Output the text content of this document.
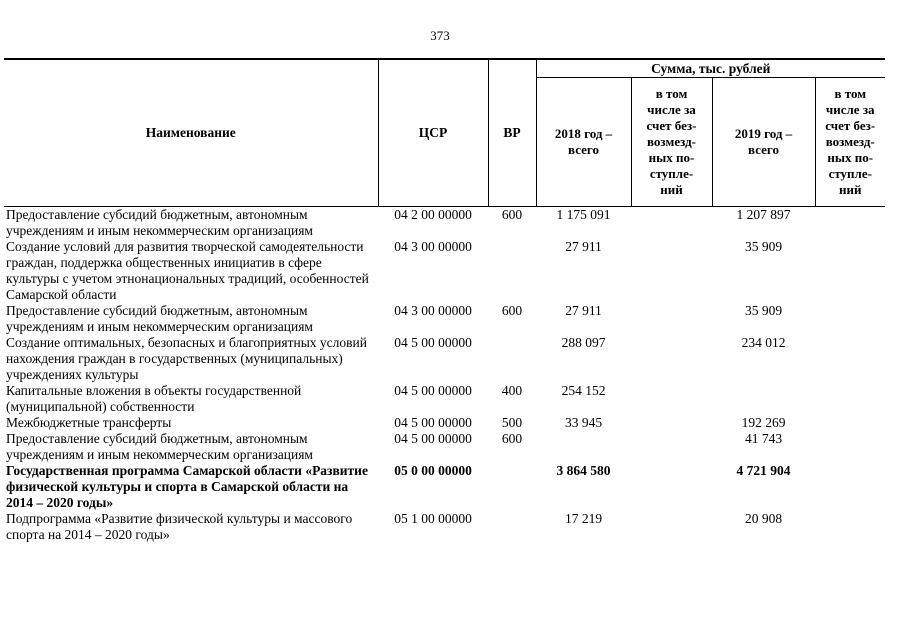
373
Наименование	ЦСР	ВР	Сумма, тыс. рублей			

			2018 год – всего	в том числе за счет без-возмезд-ных по-ступле-ний	2019 год – всего	в том числе за счет без-возмезд-ных по-ступле-ний

Предоставление субсидий бюджетным, автономным учреждениям и иным некоммерческим организациям	04 2 00 00000	600	1 175 091		1 207 897	
Создание условий для развития творческой самодеятельности граждан, поддержка общественных инициатив в сфере культуры с учетом этнонациональных традиций, особенностей Самарской области	04 3 00 00000		27 911		35 909	
Предоставление субсидий бюджетным, автономным учреждениям и иным некоммерческим организациям	04 3 00 00000	600	27 911		35 909	
Создание оптимальных, безопасных и благоприятных условий нахождения граждан в государственных (муниципальных) учреждениях культуры	04 5 00 00000		288 097		234 012	
Капитальные вложения в объекты государственной (муниципальной) собственности	04 5 00 00000	400	254 152			
Межбюджетные трансферты	04 5 00 00000	500	33 945		192 269	
Предоставление субсидий бюджетным, автономным учреждениям и иным некоммерческим организациям	04 5 00 00000	600			41 743	
Государственная программа Самарской области «Развитие физической культуры и спорта в Самарской области на 2014 – 2020 годы»	05 0 00 00000		3 864 580		4 721 904	
Подпрограмма «Развитие физической культуры и массового спорта на 2014 – 2020 годы»	05 1 00 00000		17 219		20 908	
